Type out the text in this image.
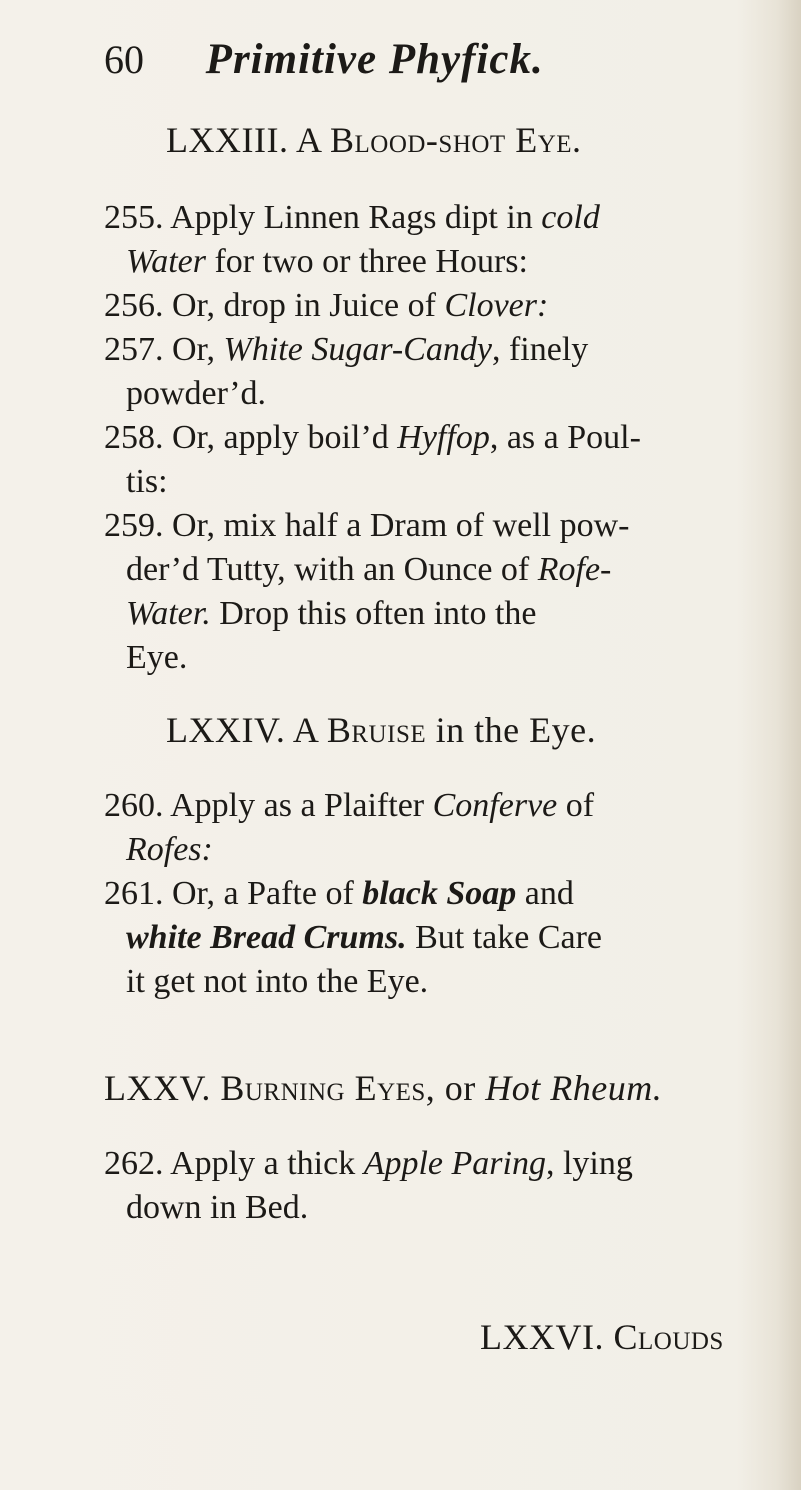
60 Primitive Phyfick.
LXXIII. A Blood-shot Eye.
255. Apply Linnen Rags dipt in cold
Water for two or three Hours:
256. Or, drop in Juice of Clover:
257. Or, White Sugar-Candy, finely
powder’d.
258. Or, apply boil’d Hyffop, as a Poul-
tis:
259. Or, mix half a Dram of well pow-
der’d Tutty, with an Ounce of Rofe-
Water. Drop this often into the
Eye.
LXXIV. A Bruise in the Eye.
260. Apply as a Plaifter Conferve of
Rofes:
261. Or, a Pafte of black Soap and
white Bread Crums. But take Care
it get not into the Eye.
LXXV. Burning Eyes, or Hot Rheum.
262. Apply a thick Apple Paring, lying
down in Bed.
LXXVI. Clouds
